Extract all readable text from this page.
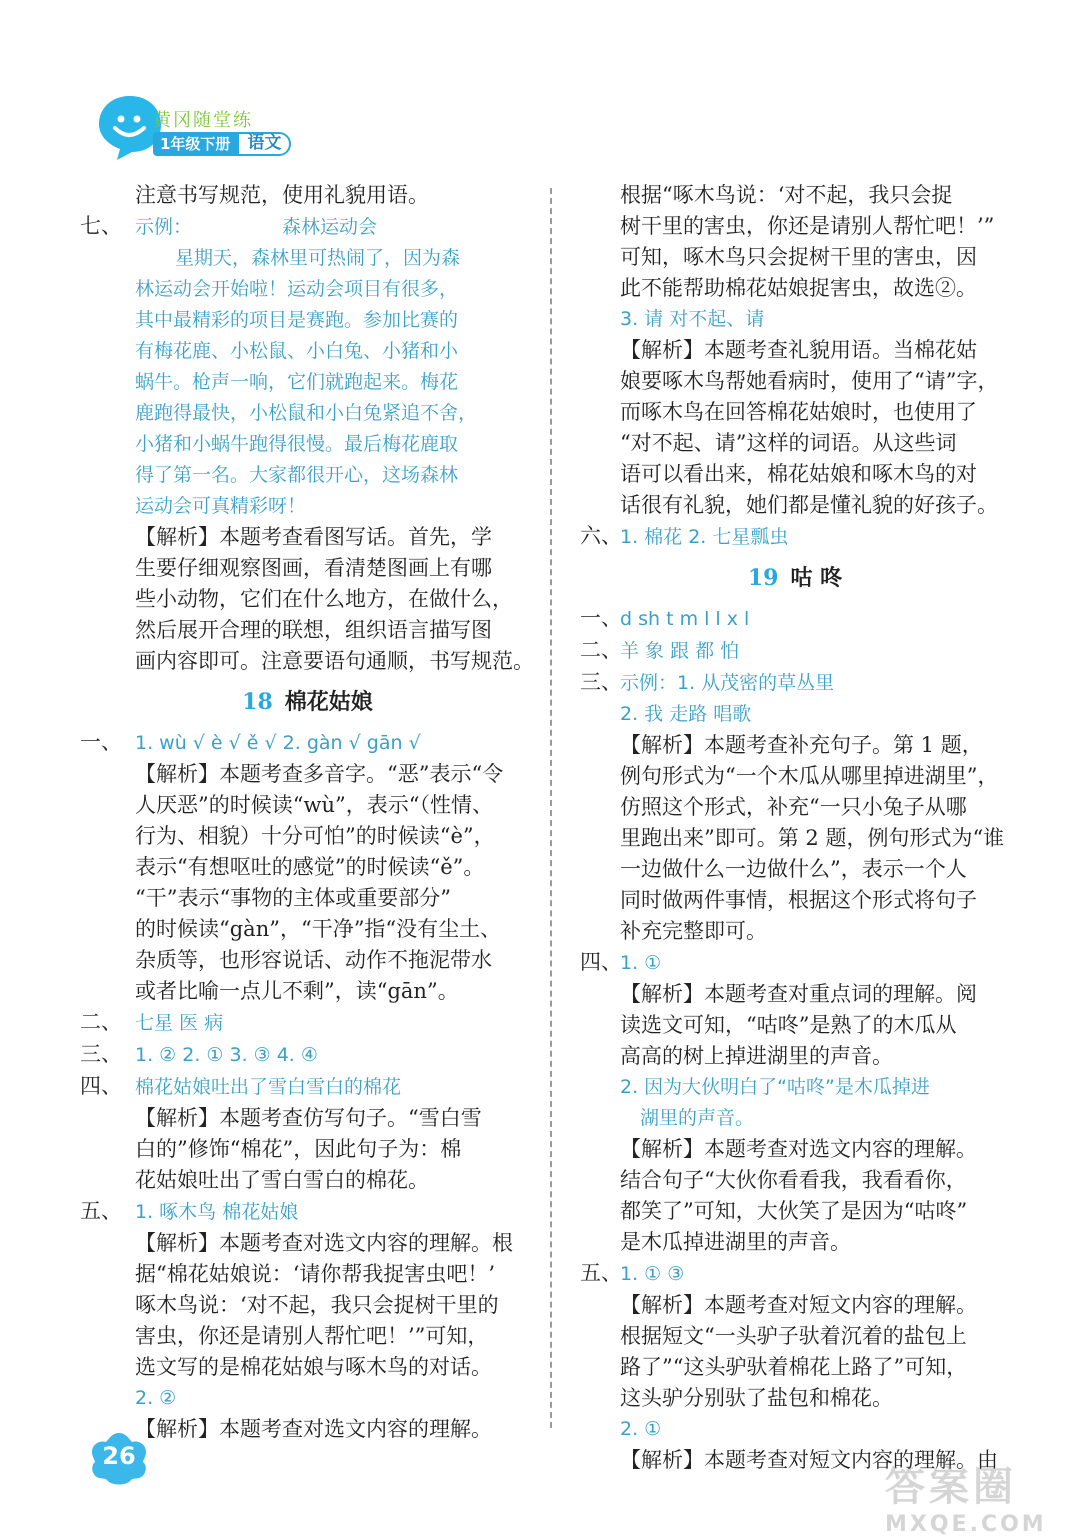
黄冈随堂练
1年级下册	语文
注意书写规范，使用礼貌用语。
七、 示例：	森林运动会
星期天，森林里可热闹了，因为森
林运动会开始啦！运动会项目有很多，
其中最精彩的项目是赛跑。参加比赛的
有梅花鹿、小松鼠、小白兔、小猪和小
蜗牛。枪声一响，它们就跑起来。梅花
鹿跑得最快，小松鼠和小白兔紧追不舍，
小猪和小蜗牛跑得很慢。最后梅花鹿取
得了第一名。大家都很开心，这场森林
运动会可真精彩呀！
【解析】本题考查看图写话。首先，学
生要仔细观察图画，看清楚图画上有哪
些小动物，它们在什么地方，在做什么，
然后展开合理的联想，组织语言描写图
画内容即可。注意要语句通顺，书写规范。
18 棉花姑娘
一、 1. wù √ è √ ě √ 2. gàn √ gān √
【解析】本题考查多音字。“恶”表示“令
人厌恶”的时候读“wù”，表示“（性情、
行为、相貌）十分可怕”的时候读“è”，
表示“有想呕吐的感觉”的时候读“ě”。
“干”表示“事物的主体或重要部分”
的时候读“gàn”，“干净”指“没有尘土、
杂质等，也形容说话、动作不拖泥带水
或者比喻一点儿不剩”，读“gān”。
二、 七星 医 病
三、 1. ② 2. ① 3. ③ 4. ④
四、 棉花姑娘吐出了雪白雪白的棉花
【解析】本题考查仿写句子。“雪白雪
白的”修饰“棉花”，因此句子为：棉
花姑娘吐出了雪白雪白的棉花。
五、 1. 啄木鸟 棉花姑娘
【解析】本题考查对选文内容的理解。根
据“棉花姑娘说：‘请你帮我捉害虫吧！’
啄木鸟说：‘对不起，我只会捉树干里的
害虫，你还是请别人帮忙吧！’”可知，
选文写的是棉花姑娘与啄木鸟的对话。
2. ②
【解析】本题考查对选文内容的理解。
根据“啄木鸟说：‘对不起，我只会捉
树干里的害虫，你还是请别人帮忙吧！’”
可知，啄木鸟只会捉树干里的害虫，因
此不能帮助棉花姑娘捉害虫，故选②。
3. 请 对不起、请
【解析】本题考查礼貌用语。当棉花姑
娘要啄木鸟帮她看病时，使用了“请”字，
而啄木鸟在回答棉花姑娘时，也使用了
“对不起、请”这样的词语。从这些词
语可以看出来，棉花姑娘和啄木鸟的对
话很有礼貌，她们都是懂礼貌的好孩子。
六、1. 棉花 2. 七星瓢虫
19 咕 咚
一、d sh t m l l x l
二、羊 象 跟 都 怕
三、示例：1. 从茂密的草丛里
2. 我 走路 唱歌
【解析】本题考查补充句子。第 1 题，
例句形式为“一个木瓜从哪里掉进湖里”，
仿照这个形式，补充“一只小兔子从哪
里跑出来”即可。第 2 题，例句形式为“谁
一边做什么一边做什么”，表示一个人
同时做两件事情，根据这个形式将句子
补充完整即可。
四、1. ①
【解析】本题考查对重点词的理解。阅
读选文可知，“咕咚”是熟了的木瓜从
高高的树上掉进湖里的声音。
2. 因为大伙明白了“咕咚”是木瓜掉进
湖里的声音。
【解析】本题考查对选文内容的理解。
结合句子“大伙你看看我，我看看你，
都笑了”可知，大伙笑了是因为“咕咚”
是木瓜掉进湖里的声音。
五、1. ① ③
【解析】本题考查对短文内容的理解。
根据短文“一头驴子驮着沉着的盐包上
路了”“这头驴驮着棉花上路了”可知，
这头驴分别驮了盐包和棉花。
2. ①
【解析】本题考查对短文内容的理解。由
26
答案圈
MXQE.COM
